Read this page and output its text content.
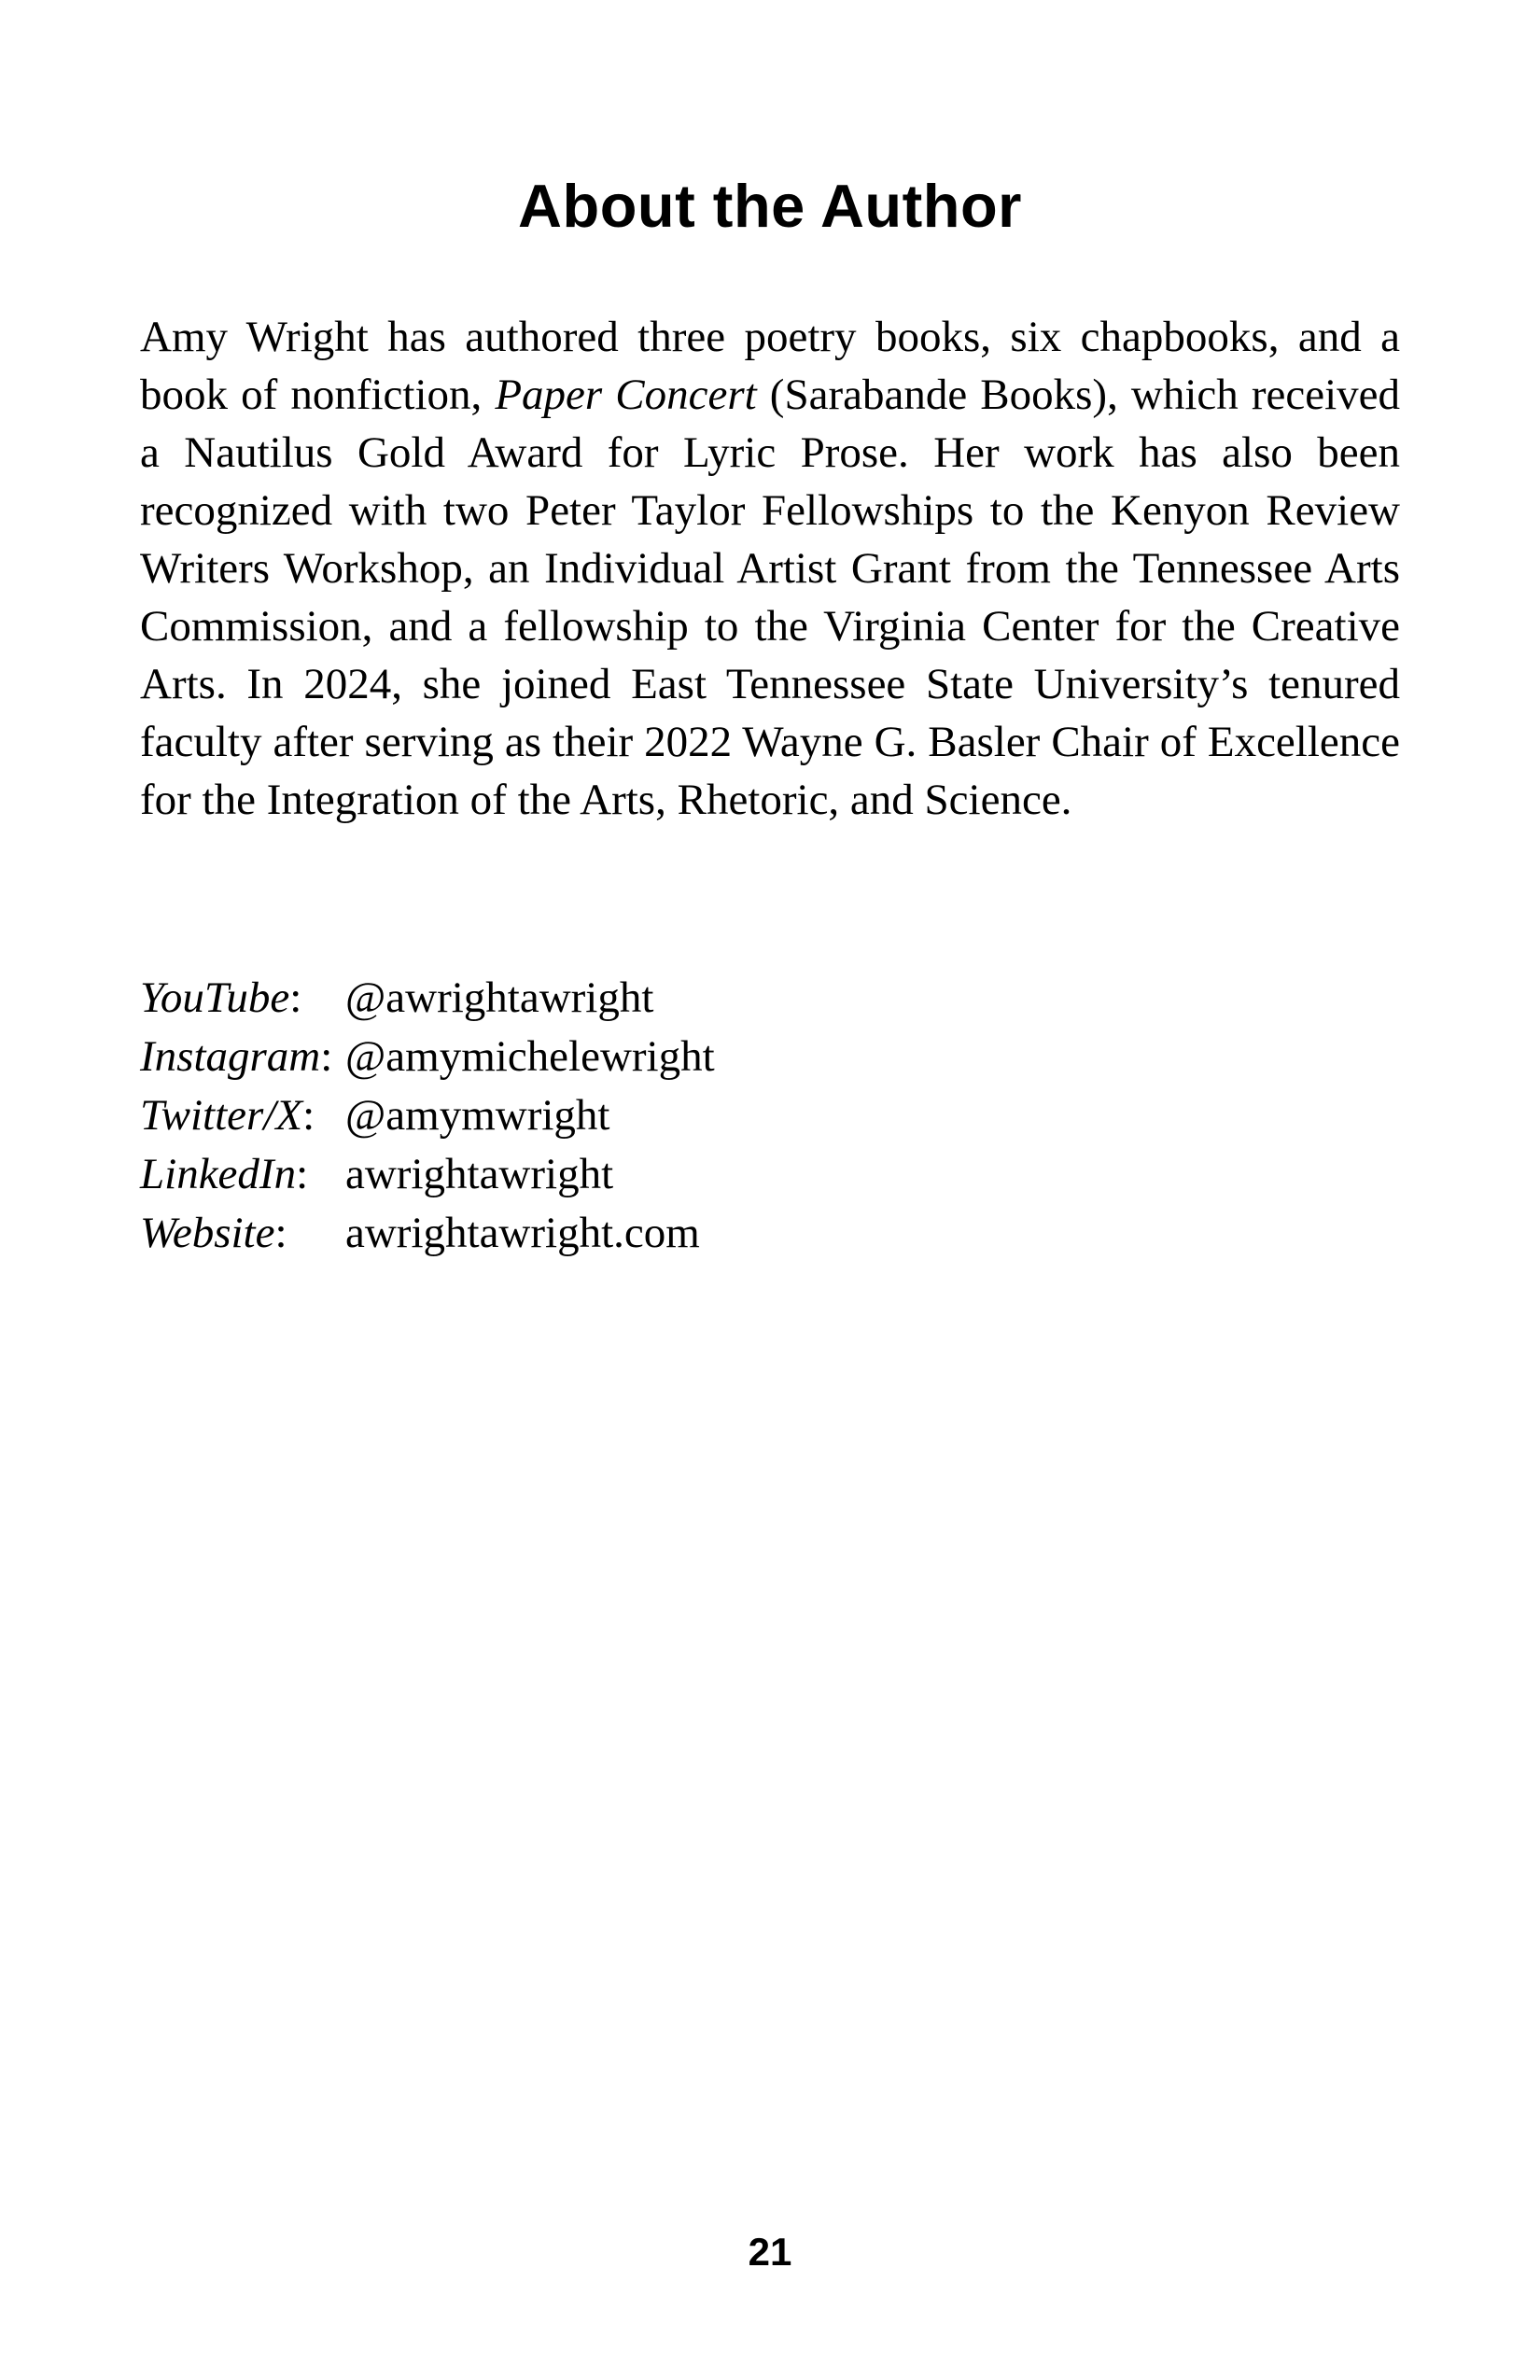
About the Author

Amy Wright has authored three poetry books, six chapbooks, and a book of nonfiction, Paper Concert (Sarabande Books), which received a Nautilus Gold Award for Lyric Prose. Her work has also been recognized with two Peter Taylor Fellowships to the Kenyon Review Writers Workshop, an Individual Artist Grant from the Tennessee Arts Commission, and a fellowship to the Virginia Center for the Creative Arts. In 2024, she joined East Tennessee State University’s tenured faculty after serving as their 2022 Wayne G. Basler Chair of Excellence for the Integration of the Arts, Rhetoric, and Science.

YouTube: @awrightawright
Instagram: @amymichelewright
Twitter/X: @amymwright
LinkedIn: awrightawright
Website:	awrightawright.com
21
